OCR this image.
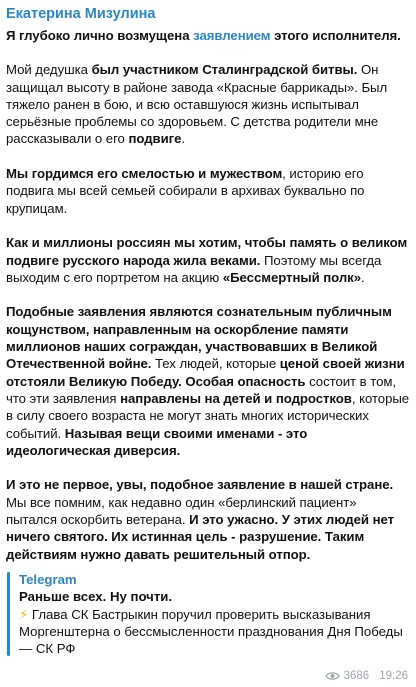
Екатерина Мизулина

Я глубоко лично возмущена заявлением этого исполнителя.

Мой дедушка был участником Сталинградской битвы. Он защищал высоту в районе завода «Красные баррикады». Был тяжело ранен в бою, и всю оставшуюся жизнь испытывал серьёзные проблемы со здоровьем. С детства родители мне рассказывали о его подвиге.

Мы гордимся его смелостью и мужеством, историю его подвига мы всей семьей собирали в архивах буквально по крупицам.

Как и миллионы россиян мы хотим, чтобы память о великом подвиге русского народа жила веками. Поэтому мы всегда выходим с его портретом на акцию «Бессмертный полк».

Подобные заявления являются сознательным публичным кощунством, направленным на оскорбление памяти миллионов наших сограждан, участвовавших в Великой Отечественной войне. Тех людей, которые ценой своей жизни отстояли Великую Победу. Особая опасность состоит в том, что эти заявления направлены на детей и подростков, которые в силу своего возраста не могут знать многих исторических событий. Называя вещи своими именами - это идеологическая диверсия.

И это не первое, увы, подобное заявление в нашей стране. Мы все помним, как недавно один «берлинский пациент» пытался оскорбить ветерана. И это ужасно. У этих людей нет ничего святого. Их истинная цель - разрушение. Таким действиям нужно давать решительный отпор.

Telegram
Раньше всех. Ну почти.
⚡ Глава СК Бастрыкин поручил проверить высказывания Моргенштерна о бессмысленности празднования Дня Победы — СК РФ
3686 19:26
